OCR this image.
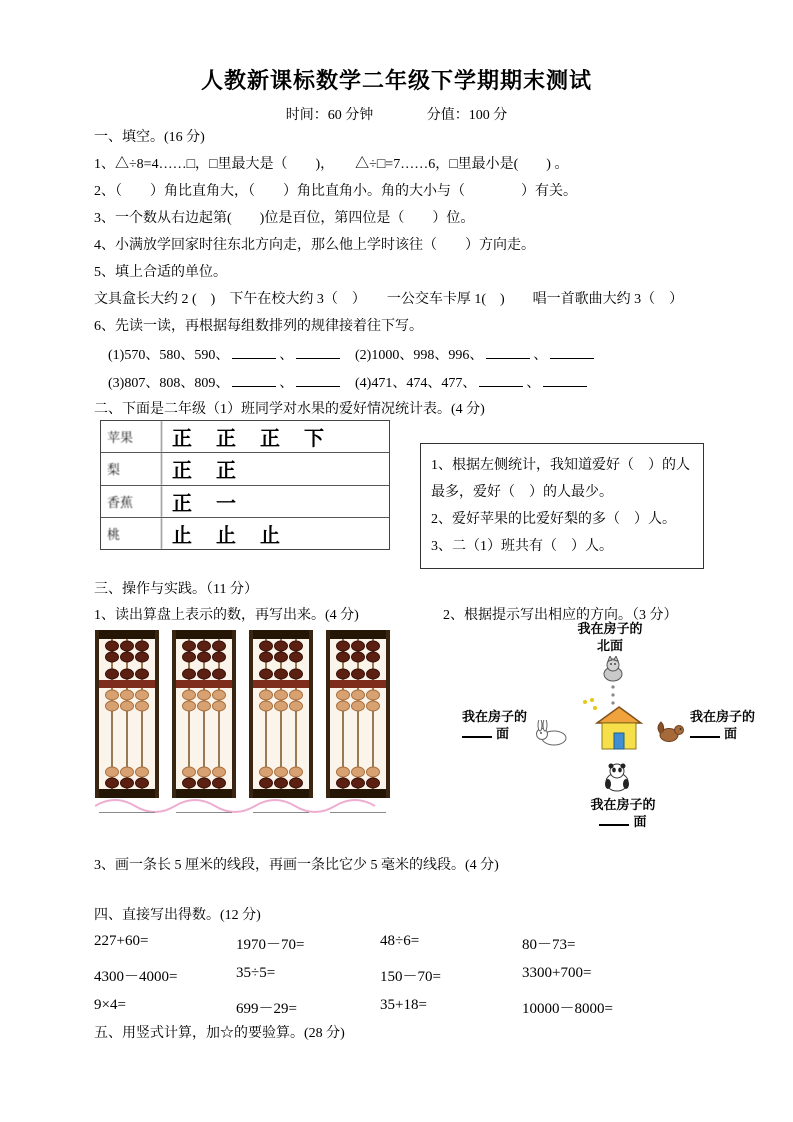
人教新课标数学二年级下学期期末测试
时间：60 分钟	分值：100 分
一、填空。(16 分)
1、△÷8=4……□，□里最大是（　　)，　　△÷□=7……6，□里最小是(　　) 。
2、（　　）角比直角大，（　　）角比直角小。角的大小与（　　　　）有关。
3、一个数从右边起第(　　)位是百位，第四位是（　　）位。
4、小满放学回家时往东北方向走，那么他上学时该往（　　）方向走。
5、填上合适的单位。
文具盒长大约 2 (　)　下午在校大约 3（　）　　一公交车卡厚 1(　)　　唱一首歌曲大约 3（　）
6、先读一读，再根据每组数排列的规律接着往下写。
(1)570、580、590、	、	(2)1000、998、996、	、
(3)807、808、809、	、	(4)471、474、477、	、
二、下面是二年级（1）班同学对水果的爱好情况统计表。(4 分)
苹果	正　正　正　下
梨	正　正
香蕉	正　一
桃	止　止　止
1、根据左侧统计，我知道爱好（　）的人最多，爱好（　）的人最少。
2、爱好苹果的比爱好梨的多（　）人。
3、二（1）班共有（　）人。
三、操作与实践。（11 分）
1、读出算盘上表示的数，再写出来。(4 分)	2、根据提示写出相应的方向。（3 分）
我在房子的
北面
我在房子的
面
我在房子的
面
我在房子的
面
3、画一条长 5 厘米的线段，再画一条比它少 5 毫米的线段。(4 分)
四、直接写出得数。(12 分)
227+60=	1970－70=	48÷6=	80－73=
4300－4000=	35÷5=	150－70=	3300+700=
9×4=	699－29=	35+18=	10000－8000=
五、用竖式计算，加☆的要验算。(28 分)
